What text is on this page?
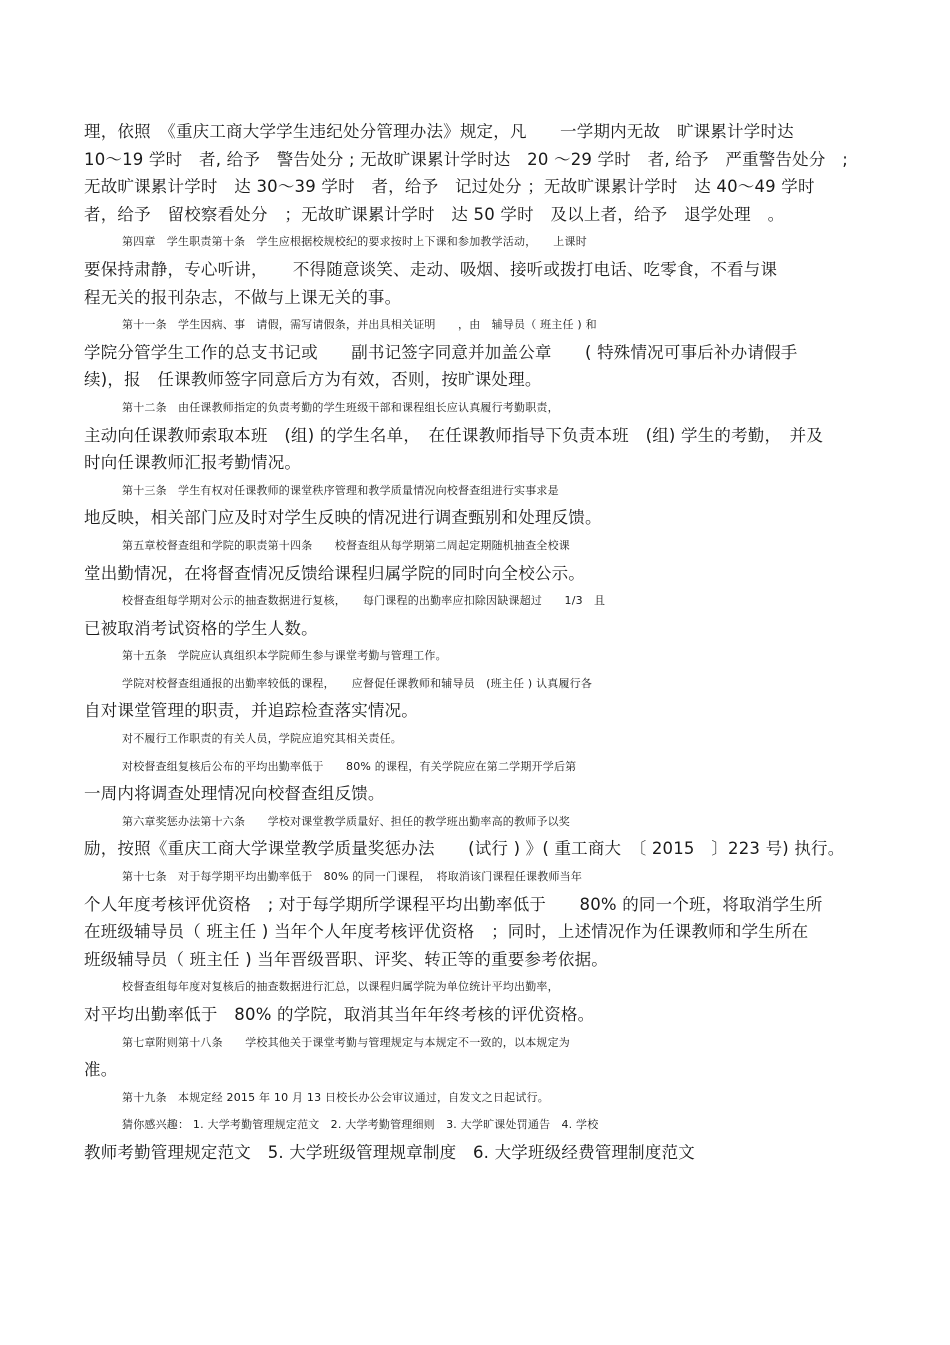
理，依照　《重庆工商大学学生违纪处分管理办法》规定，凡　　一学期内无故　旷课累计学时达
10～19 学时　者, 给予　警告处分 ; 无故旷课累计学时达　20 ～29 学时　者, 给予　严重警告处分　;
无故旷课累计学时　达 30～39 学时　者，给予　记过处分 ；无故旷课累计学时　达 40～49 学时
者，给予　留校察看处分　；无故旷课累计学时　达 50 学时　及以上者，给予　退学处理　。
第四章　学生职责第十条　学生应根据校规校纪的要求按时上下课和参加教学活动，　　上课时
要保持肃静，专心听讲，　　不得随意谈笑、走动、吸烟、接听或拨打电话、吃零食，不看与课
程无关的报刊杂志，不做与上课无关的事。
第十一条　学生因病、事　请假，需写请假条，并出具相关证明　　，由　辅导员（ 班主任 ) 和
学院分管学生工作的总支书记或　　副书记签字同意并加盖公章　　( 特殊情况可事后补办请假手
续)，报　任课教师签字同意后方为有效，否则，按旷课处理。
第十二条　由任课教师指定的负责考勤的学生班级干部和课程组长应认真履行考勤职责，
主动向任课教师索取本班　(组) 的学生名单，　在任课教师指导下负责本班　(组) 学生的考勤，　并及
时向任课教师汇报考勤情况。
第十三条　学生有权对任课教师的课堂秩序管理和教学质量情况向校督查组进行实事求是
地反映，相关部门应及时对学生反映的情况进行调查甄别和处理反馈。
第五章校督查组和学院的职责第十四条　　校督查组从每学期第二周起定期随机抽查全校课
堂出勤情况，在将督查情况反馈给课程归属学院的同时向全校公示。
校督查组每学期对公示的抽查数据进行复核，　　每门课程的出勤率应扣除因缺课超过　　1/3　且
已被取消考试资格的学生人数。
第十五条　学院应认真组织本学院师生参与课堂考勤与管理工作。
学院对校督查组通报的出勤率较低的课程，　　应督促任课教师和辅导员　(班主任 ) 认真履行各
自对课堂管理的职责，并追踪检查落实情况。
对不履行工作职责的有关人员，学院应追究其相关责任。
对校督查组复核后公布的平均出勤率低于　　80% 的课程，有关学院应在第二学期开学后第
一周内将调查处理情况向校督查组反馈。
第六章奖惩办法第十六条　　学校对课堂教学质量好、担任的教学班出勤率高的教师予以奖
励，按照《重庆工商大学课堂教学质量奖惩办法　　(试行 ) 》( 重工商大　〔 2015　〕223 号) 执行。
第十七条　对于每学期平均出勤率低于　80% 的同一门课程，　将取消该门课程任课教师当年
个人年度考核评优资格　; 对于每学期所学课程平均出勤率低于　　80% 的同一个班，将取消学生所
在班级辅导员（ 班主任 ) 当年个人年度考核评优资格　；同时，上述情况作为任课教师和学生所在
班级辅导员（ 班主任 ) 当年晋级晋职、评奖、转正等的重要参考依据。
校督查组每年度对复核后的抽查数据进行汇总，以课程归属学院为单位统计平均出勤率，
对平均出勤率低于　80% 的学院，取消其当年年终考核的评优资格。
第七章附则第十八条　　学校其他关于课堂考勤与管理规定与本规定不一致的，以本规定为
准。
第十九条　本规定经 2015 年 10 月 13 日校长办公会审议通过，自发文之日起试行。
猜你感兴趣： 1. 大学考勤管理规定范文　2. 大学考勤管理细则　3. 大学旷课处罚通告　4. 学校
教师考勤管理规定范文　5. 大学班级管理规章制度　6. 大学班级经费管理制度范文
